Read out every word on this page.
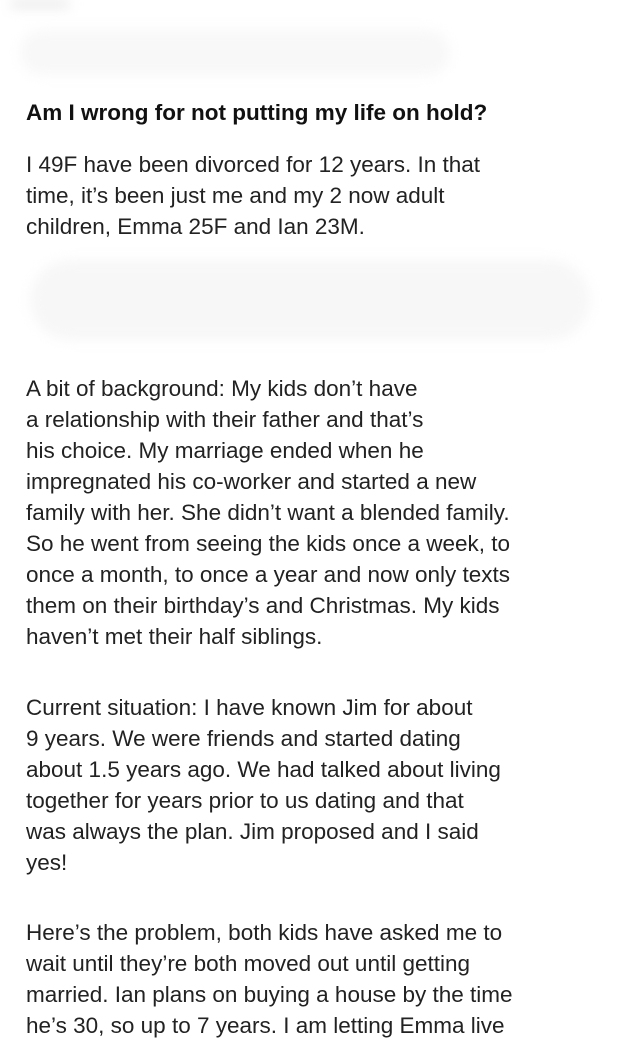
Am I wrong for not putting my life on hold?

I 49F have been divorced for 12 years. In that
time, it’s been just me and my 2 now adult
children, Emma 25F and Ian 23M.

A bit of background: My kids don’t have
a relationship with their father and that’s
his choice. My marriage ended when he
impregnated his co-worker and started a new
family with her. She didn’t want a blended family.
So he went from seeing the kids once a week, to
once a month, to once a year and now only texts
them on their birthday’s and Christmas. My kids
haven’t met their half siblings.

Current situation: I have known Jim for about
9 years. We were friends and started dating
about 1.5 years ago. We had talked about living
together for years prior to us dating and that
was always the plan. Jim proposed and I said
yes!

Here’s the problem, both kids have asked me to
wait until they’re both moved out until getting
married. Ian plans on buying a house by the time
he’s 30, so up to 7 years. I am letting Emma live
